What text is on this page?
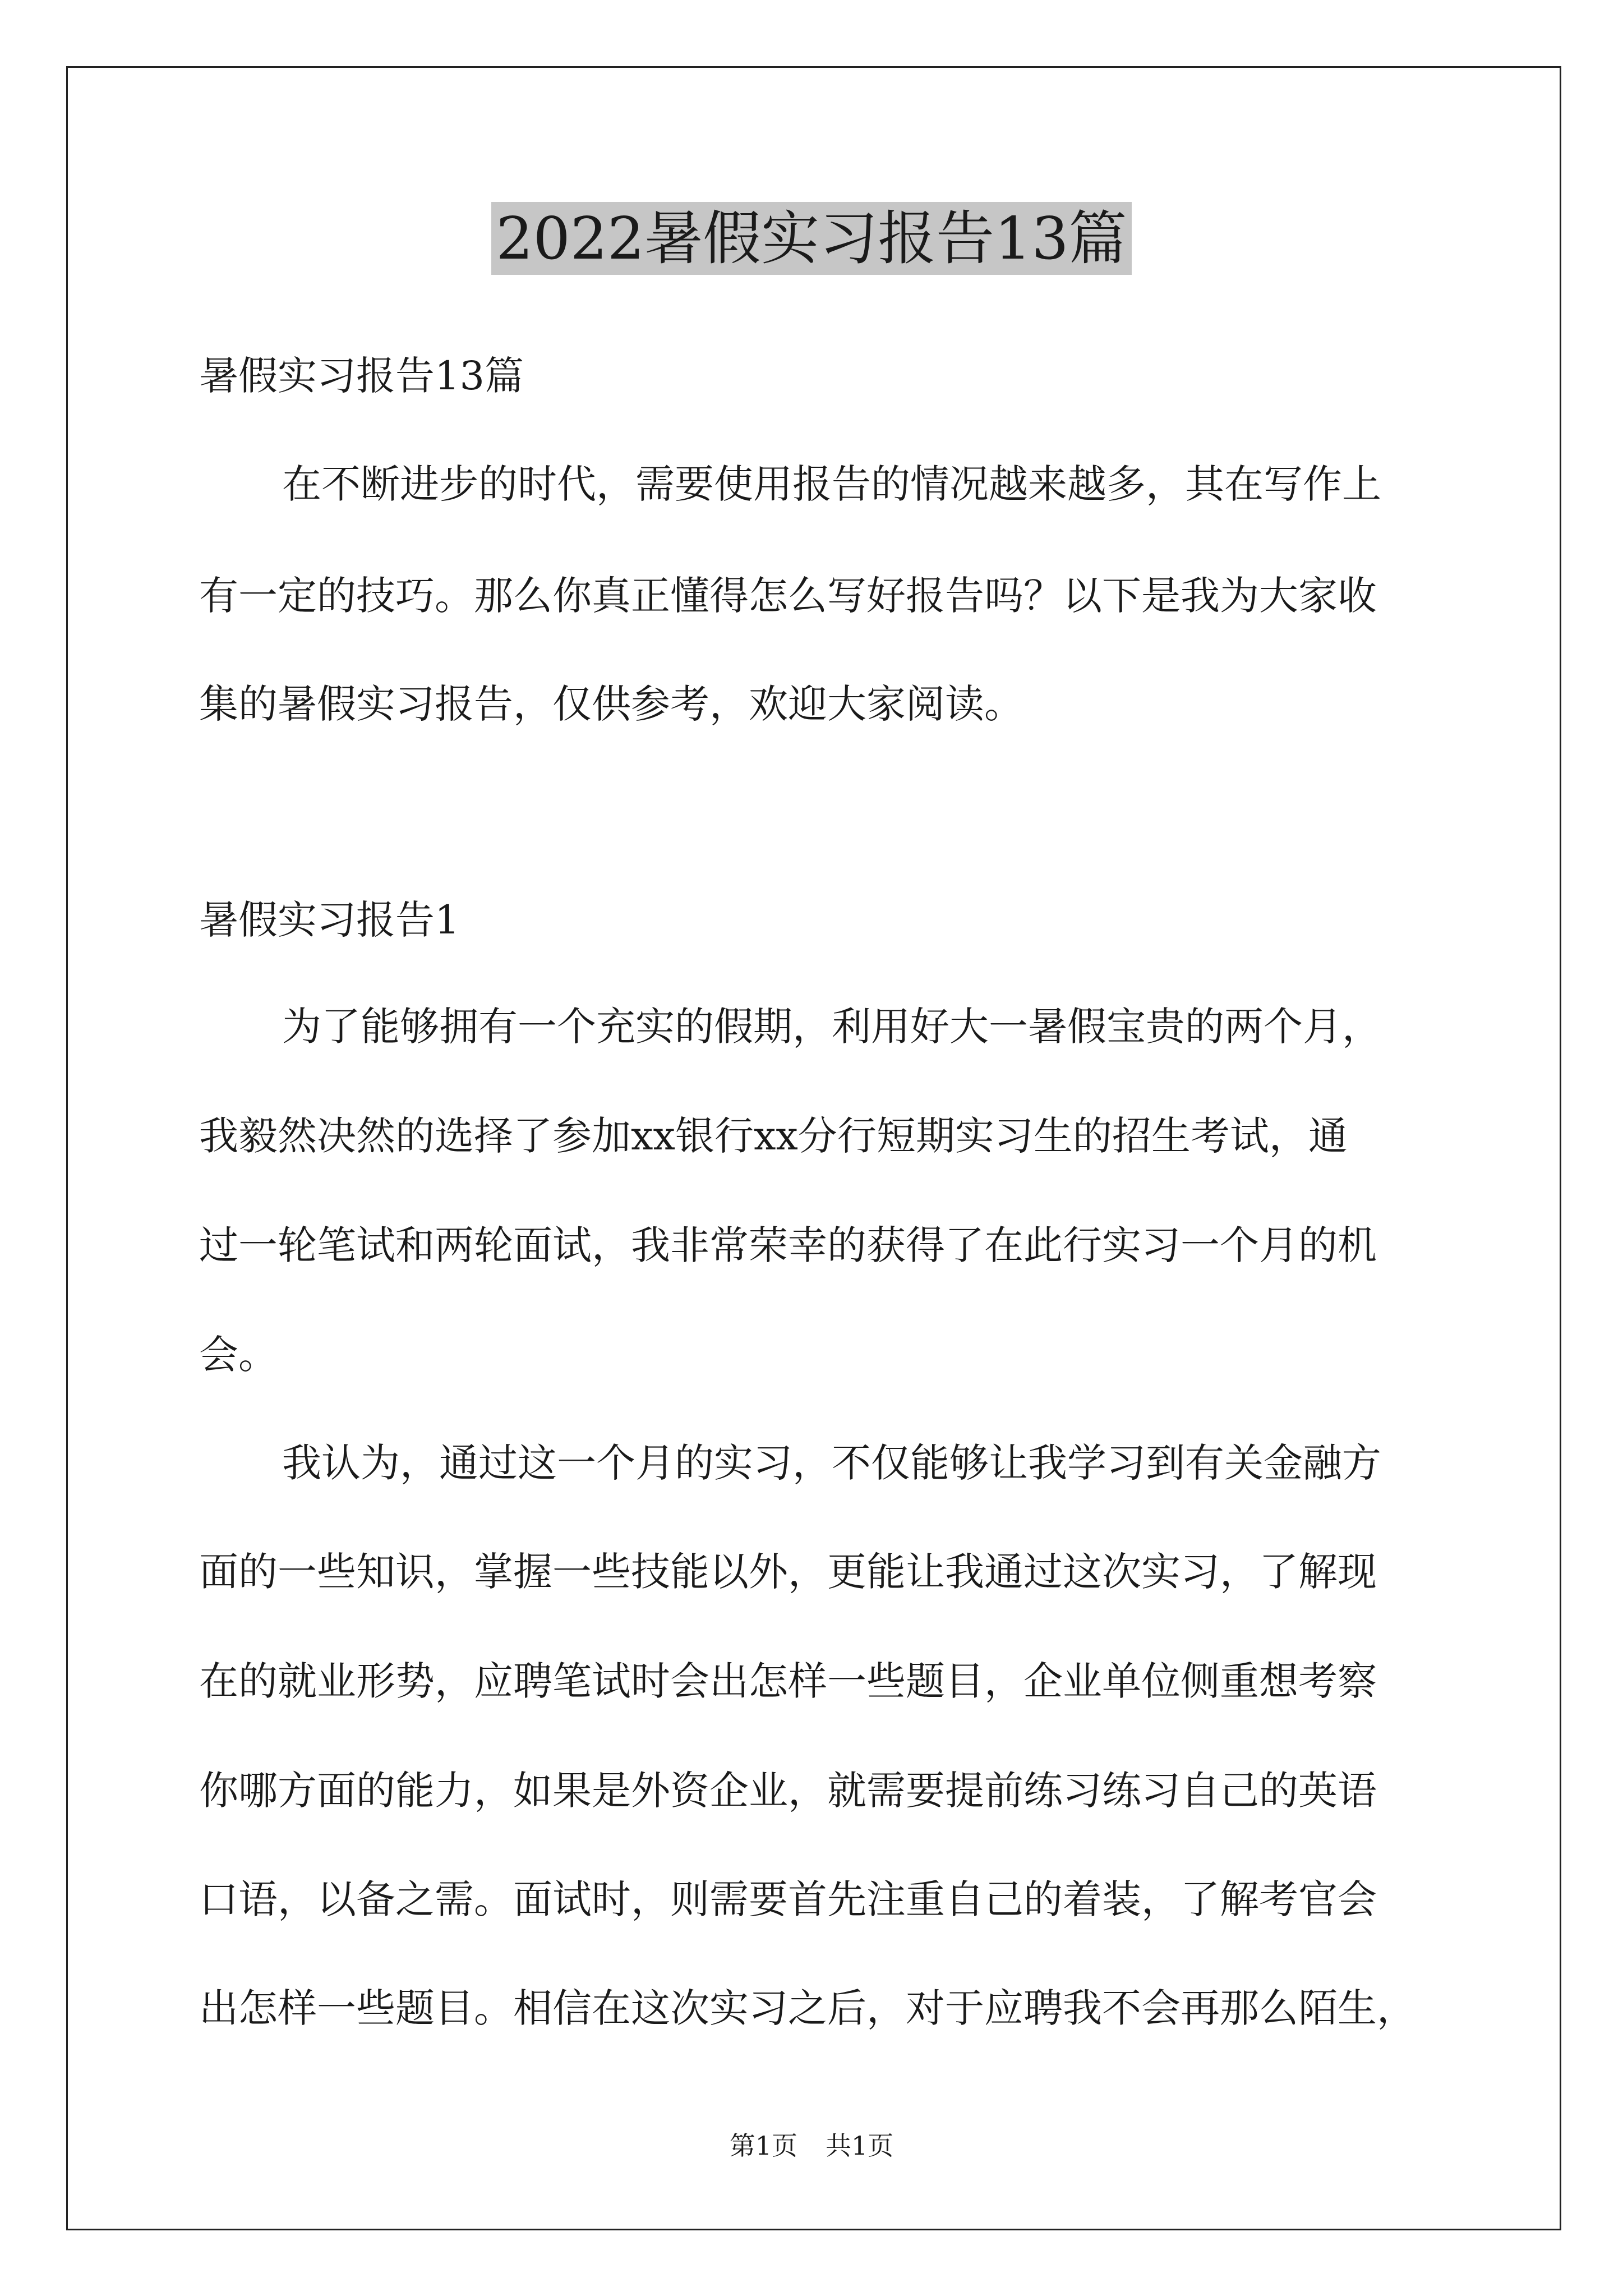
2022暑假实习报告13篇
暑假实习报告13篇
在不断进步的时代，需要使用报告的情况越来越多，其在写作上
有一定的技巧。那么你真正懂得怎么写好报告吗？以下是我为大家收
集的暑假实习报告，仅供参考，欢迎大家阅读。
暑假实习报告1
为了能够拥有一个充实的假期，利用好大一暑假宝贵的两个月，
我毅然决然的选择了参加xx银行xx分行短期实习生的招生考试，通
过一轮笔试和两轮面试，我非常荣幸的获得了在此行实习一个月的机
会。
我认为，通过这一个月的实习，不仅能够让我学习到有关金融方
面的一些知识，掌握一些技能以外，更能让我通过这次实习，了解现
在的就业形势，应聘笔试时会出怎样一些题目，企业单位侧重想考察
你哪方面的能力，如果是外资企业，就需要提前练习练习自己的英语
口语，以备之需。面试时，则需要首先注重自己的着装，了解考官会
出怎样一些题目。相信在这次实习之后，对于应聘我不会再那么陌生，
第1页 共1页
